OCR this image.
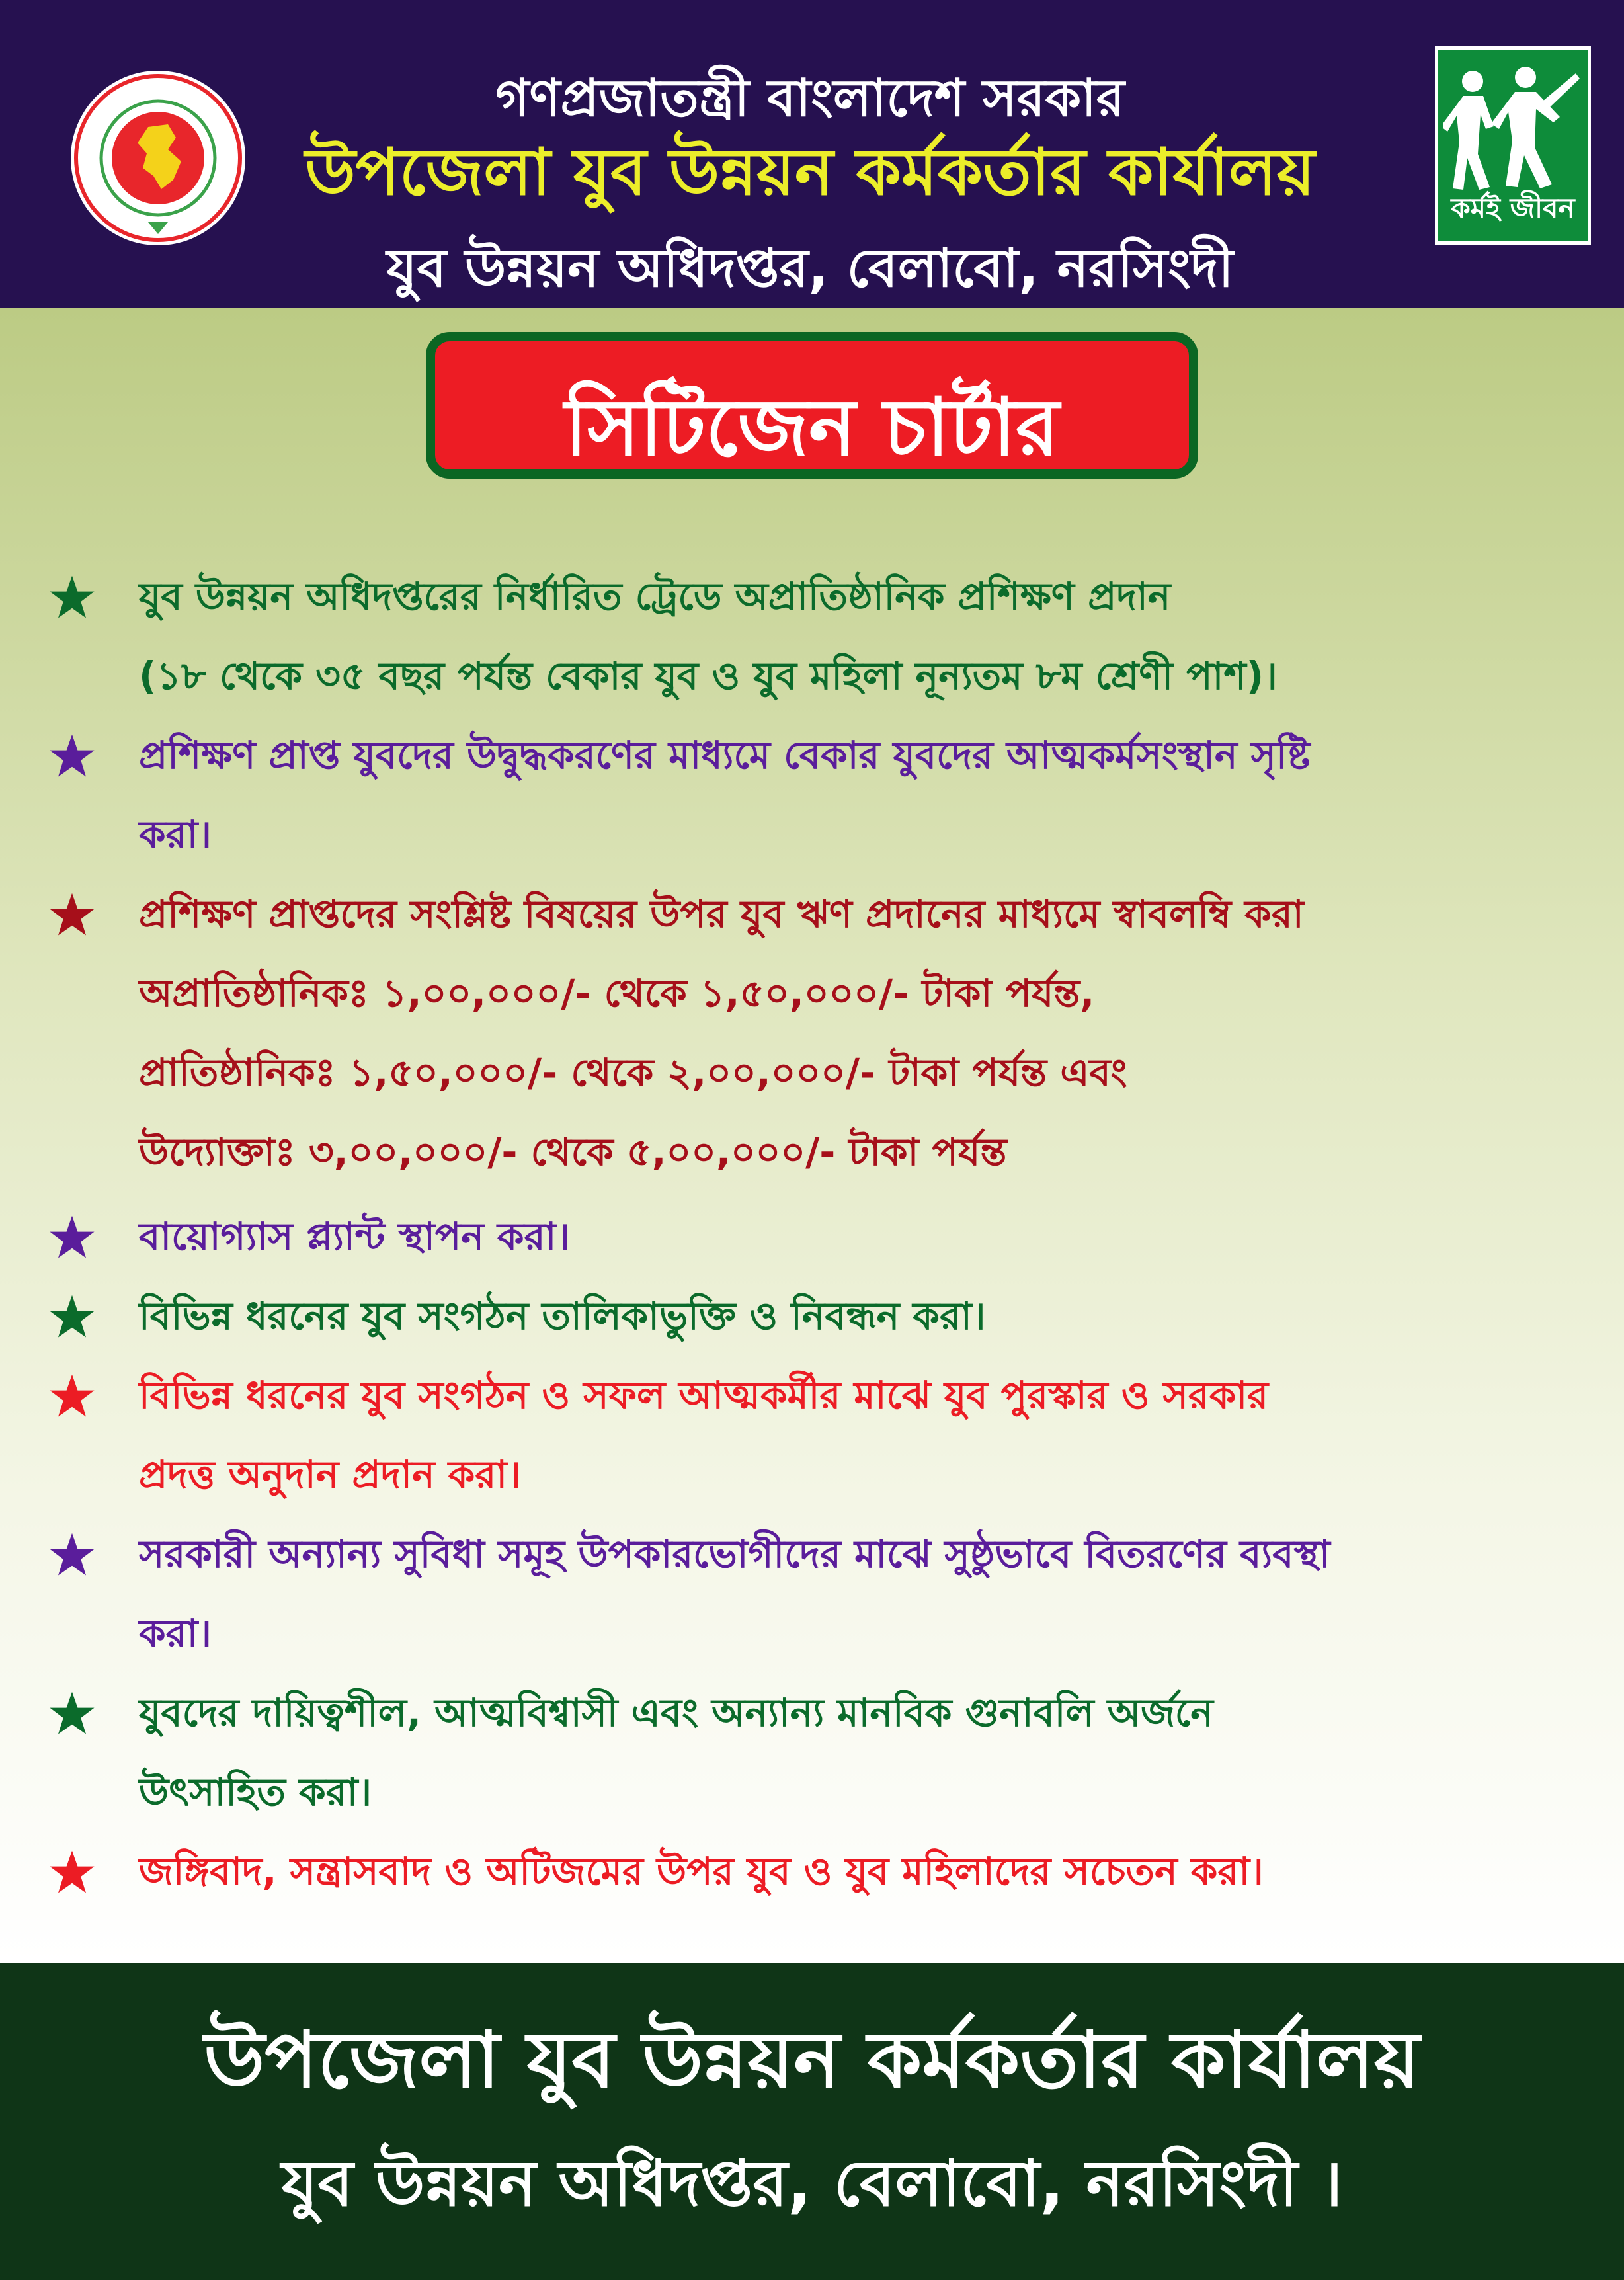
গণপ্রজাতন্ত্রী বাংলাদেশ সরকার
উপজেলা যুব উন্নয়ন কর্মকর্তার কার্যালয়
যুব উন্নয়ন অধিদপ্তর, বেলাবো, নরসিংদী
কর্মই জীবন
সিটিজেন চার্টার
যুব উন্নয়ন অধিদপ্তরের নির্ধারিত ট্রেডে অপ্রাতিষ্ঠানিক প্রশিক্ষণ প্রদান
(১৮ থেকে ৩৫ বছর পর্যন্ত বেকার যুব ও যুব মহিলা নূন্যতম ৮ম শ্রেণী পাশ)।
প্রশিক্ষণ প্রাপ্ত যুবদের উদ্বুদ্ধকরণের মাধ্যমে বেকার যুবদের আত্মকর্মসংস্থান সৃষ্টি
করা।
প্রশিক্ষণ প্রাপ্তদের সংশ্লিষ্ট বিষয়ের উপর যুব ঋণ প্রদানের মাধ্যমে স্বাবলম্বি করা
অপ্রাতিষ্ঠানিকঃ ১,০০,০০০/- থেকে ১,৫০,০০০/- টাকা পর্যন্ত,
প্রাতিষ্ঠানিকঃ ১,৫০,০০০/- থেকে ২,০০,০০০/- টাকা পর্যন্ত এবং
উদ্যোক্তাঃ ৩,০০,০০০/- থেকে ৫,০০,০০০/- টাকা পর্যন্ত
বায়োগ্যাস প্ল্যান্ট স্থাপন করা।
বিভিন্ন ধরনের যুব সংগঠন তালিকাভুক্তি ও নিবন্ধন করা।
বিভিন্ন ধরনের যুব সংগঠন ও সফল আত্মকর্মীর মাঝে যুব পুরস্কার ও সরকার
প্রদত্ত অনুদান প্রদান করা।
সরকারী অন্যান্য সুবিধা সমূহ উপকারভোগীদের মাঝে সুষ্ঠুভাবে বিতরণের ব্যবস্থা
করা।
যুবদের দায়িত্বশীল, আত্মবিশ্বাসী এবং অন্যান্য মানবিক গুনাবলি অর্জনে
উৎসাহিত করা।
জঙ্গিবাদ, সন্ত্রাসবাদ ও অটিজমের উপর যুব ও যুব মহিলাদের সচেতন করা।
উপজেলা যুব উন্নয়ন কর্মকর্তার কার্যালয়
যুব উন্নয়ন অধিদপ্তর, বেলাবো, নরসিংদী ।
